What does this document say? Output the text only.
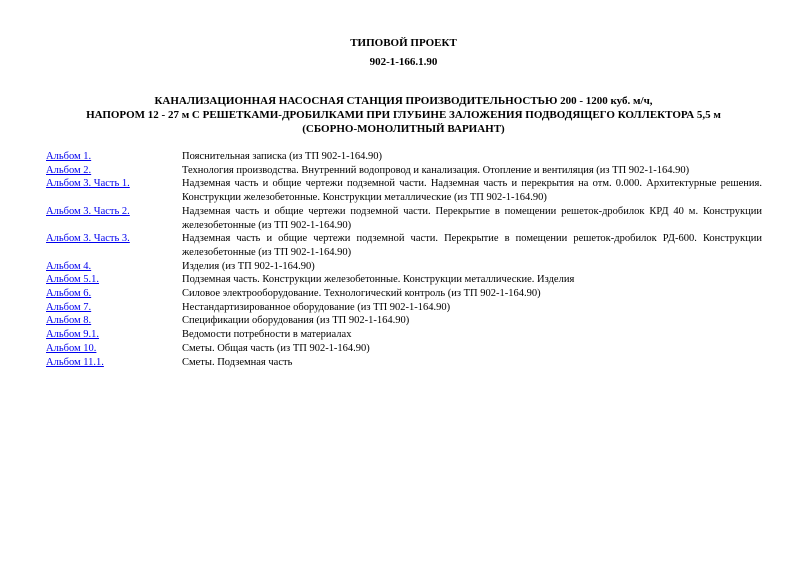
ТИПОВОЙ ПРОЕКТ
902-1-166.1.90
КАНАЛИЗАЦИОННАЯ НАСОСНАЯ СТАНЦИЯ ПРОИЗВОДИТЕЛЬНОСТЬЮ 200 - 1200 куб. м/ч,
НАПОРОМ 12 - 27 м С РЕШЕТКАМИ-ДРОБИЛКАМИ ПРИ ГЛУБИНЕ ЗАЛОЖЕНИЯ ПОДВОДЯЩЕГО КОЛЛЕКТОРА 5,5 м
(СБОРНО-МОНОЛИТНЫЙ ВАРИАНТ)
Альбом 1.	Пояснительная записка (из ТП 902-1-164.90)
Альбом 2.	Технология производства. Внутренний водопровод и канализация. Отопление и вентиляция (из ТП 902-1-164.90)
Альбом 3. Часть 1.	Надземная часть и общие чертежи подземной части. Надземная часть и перекрытия на отм. 0.000. Архитектурные решения. Конструкции железобетонные. Конструкции металлические (из ТП 902-1-164.90)
Альбом 3. Часть 2.	Надземная часть и общие чертежи подземной части. Перекрытие в помещении решеток-дробилок КРД 40 м. Конструкции железобетонные (из ТП 902-1-164.90)
Альбом 3. Часть 3.	Надземная часть и общие чертежи подземной части. Перекрытие в помещении решеток-дробилок РД-600. Конструкции железобетонные (из ТП 902-1-164.90)
Альбом 4.	Изделия (из ТП 902-1-164.90)
Альбом 5.1.	Подземная часть. Конструкции железобетонные. Конструкции металлические. Изделия
Альбом 6.	Силовое электрооборудование. Технологический контроль (из ТП 902-1-164.90)
Альбом 7.	Нестандартизированное оборудование (из ТП 902-1-164.90)
Альбом 8.	Спецификации оборудования (из ТП 902-1-164.90)
Альбом 9.1.	Ведомости потребности в материалах
Альбом 10.	Сметы. Общая часть (из ТП 902-1-164.90)
Альбом 11.1.	Сметы. Подземная часть
